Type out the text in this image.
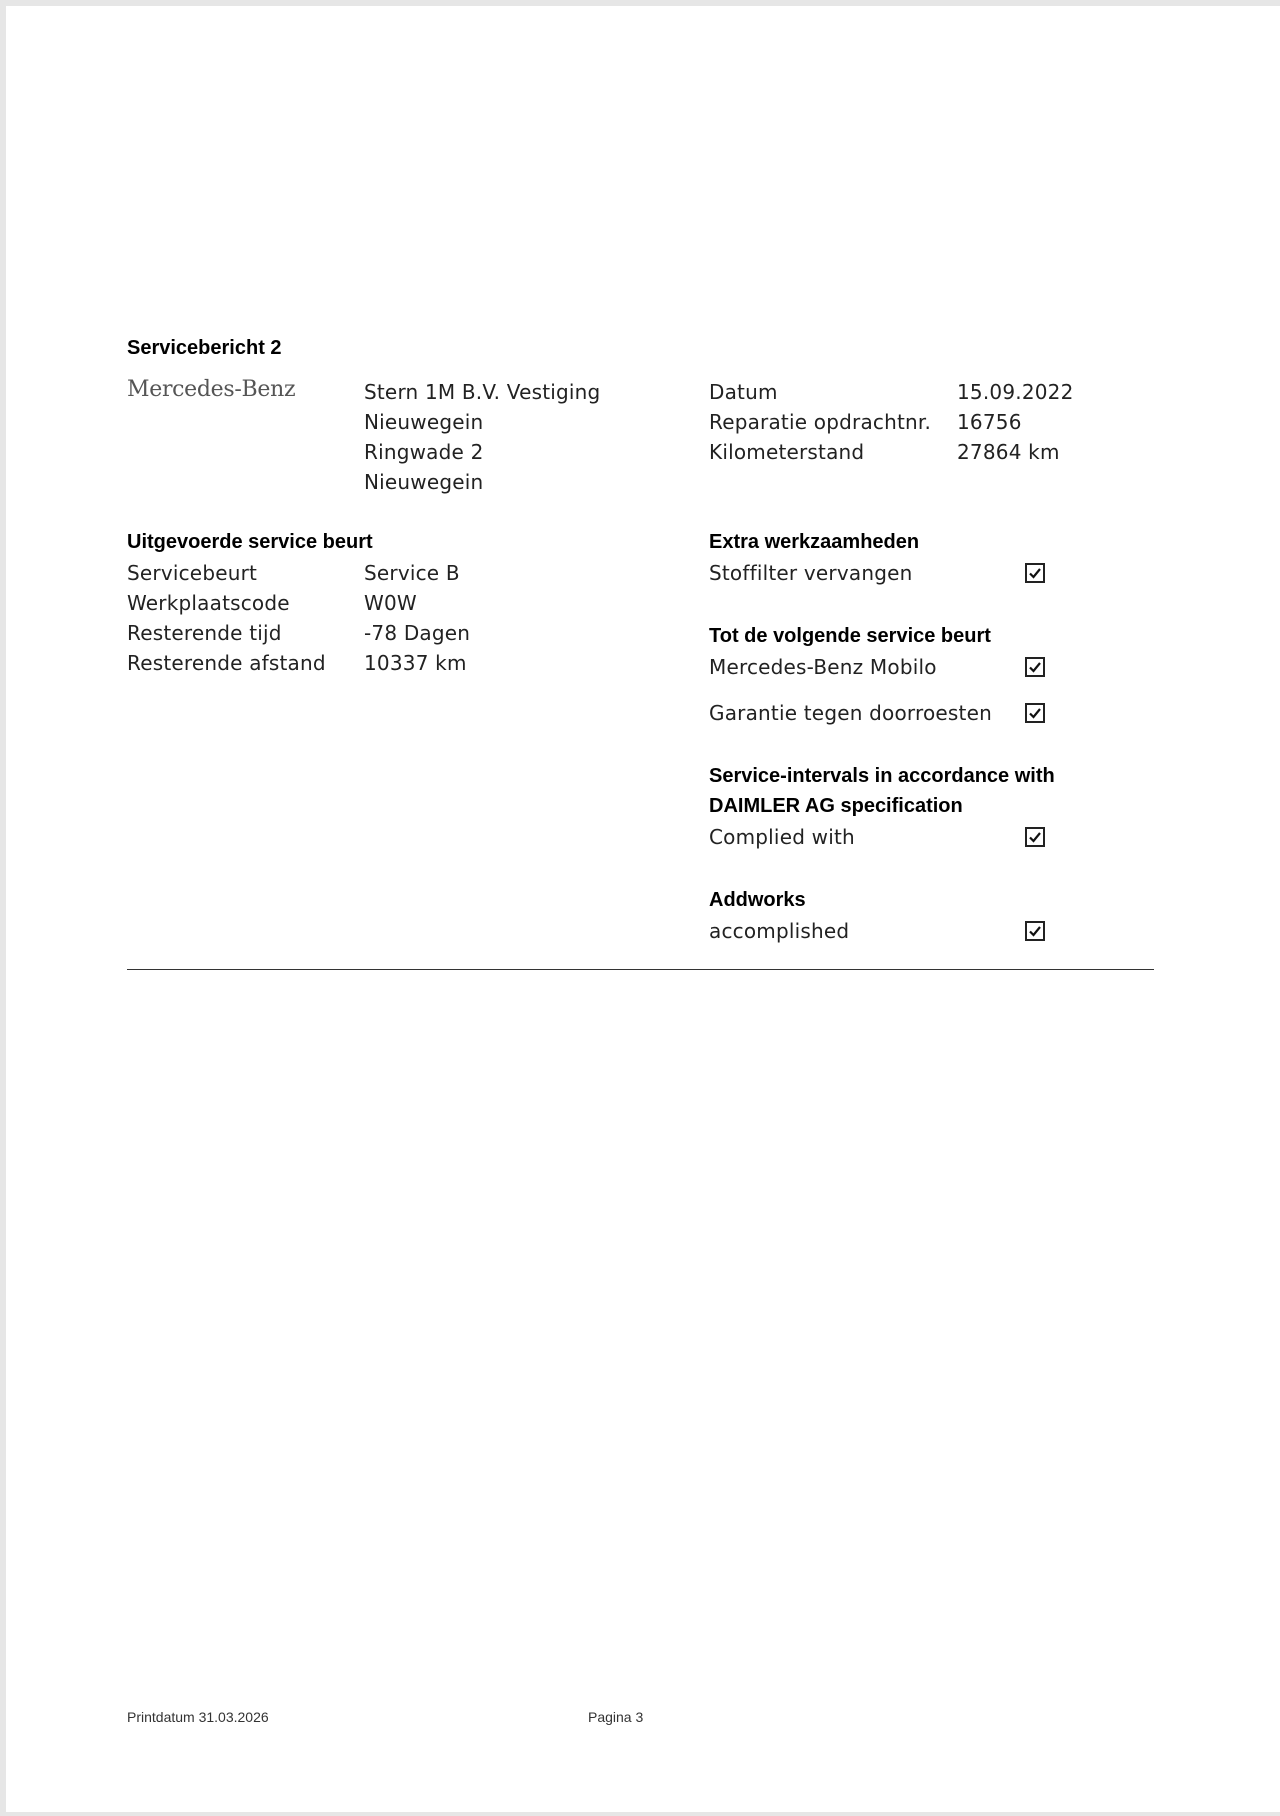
Servicebericht 2
Mercedes-Benz	Stern 1M B.V. Vestiging
Nieuwegein
Ringwade 2
Nieuwegein
Datum	15.09.2022
Reparatie opdrachtnr. 16756
Kilometerstand	27864 km
Uitgevoerde service beurt
Servicebeurt	Service B
Werkplaatscode	W0W
Resterende tijd	-78 Dagen
Resterende afstand 10337 km
Extra werkzaamheden
Stoffilter vervangen
Tot de volgende service beurt
Mercedes-Benz Mobilo
Garantie tegen doorroesten
Service-intervals in accordance with
DAIMLER AG specification
Complied with
Addworks
accomplished
Printdatum 31.03.2026	Pagina 3
